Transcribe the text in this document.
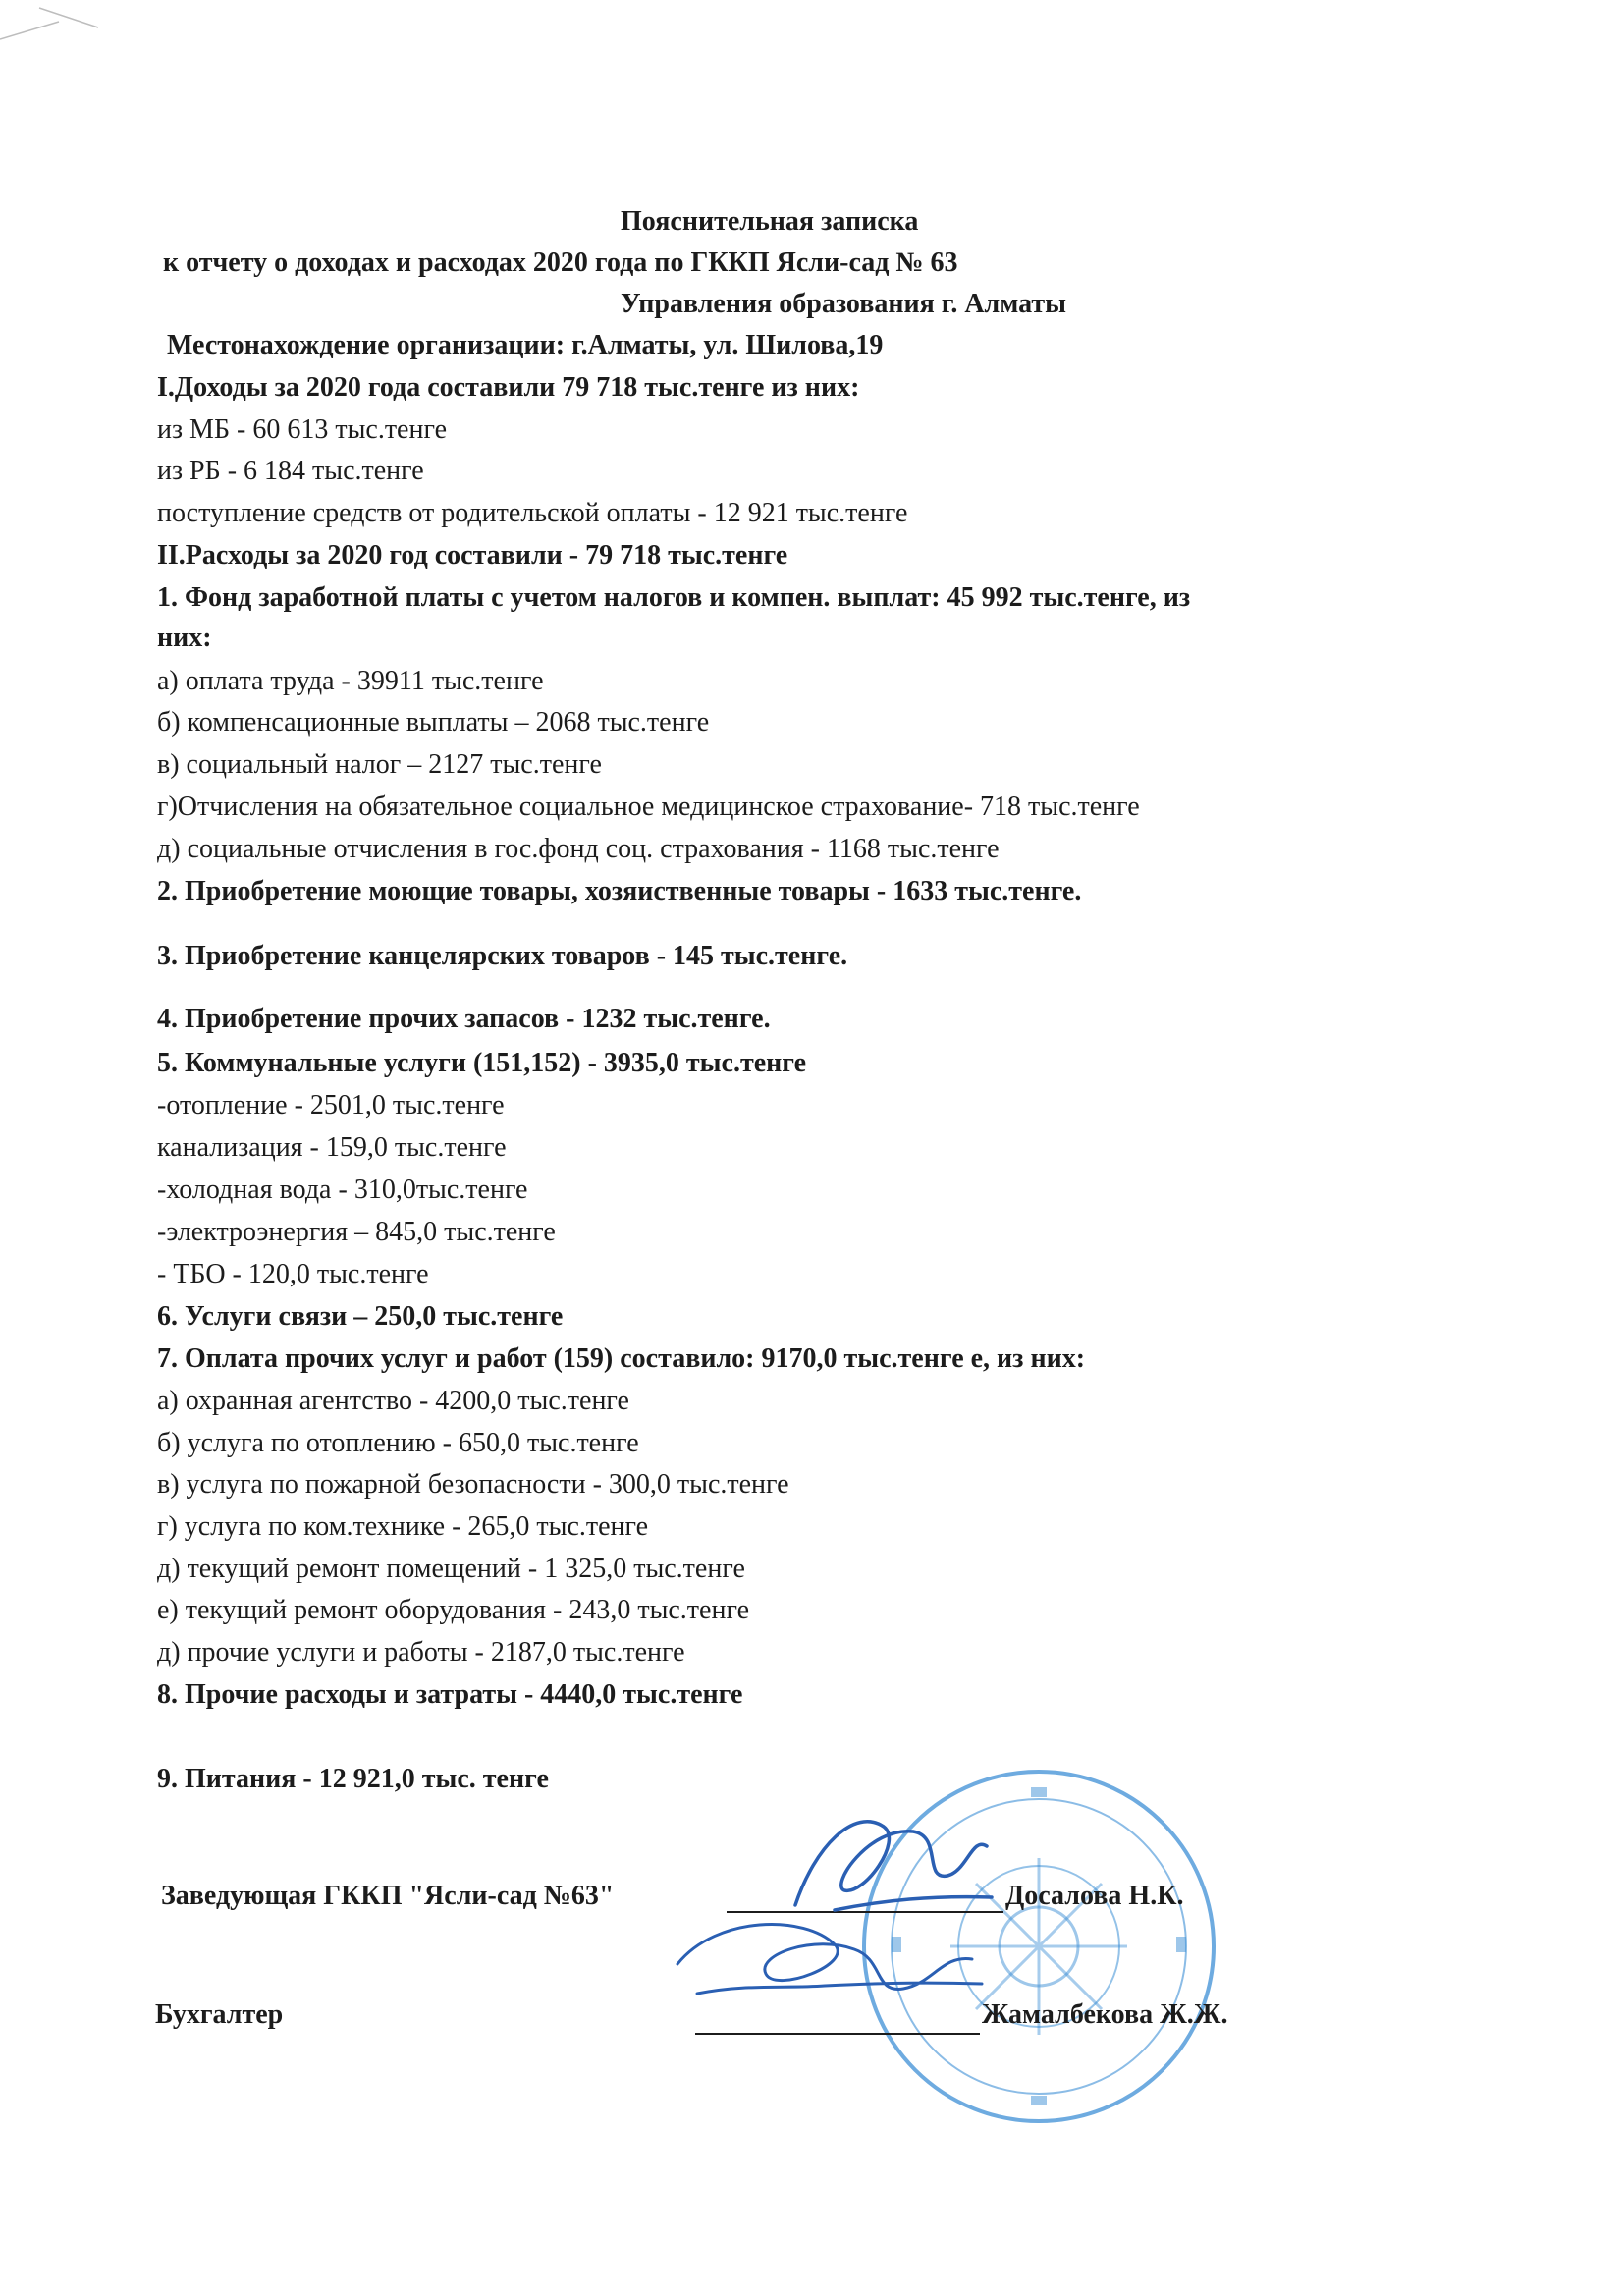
Пояснительная записка
к отчету о доходах и расходах 2020 года по ГККП Ясли-сад № 63
Управления образования г. Алматы
Местонахождение организации: г.Алматы, ул. Шилова,19
I.Доходы за 2020 года составили 79 718 тыс.тенге из них:
из МБ - 60 613 тыс.тенге
из РБ - 6 184 тыс.тенге
поступление средств от родительской оплаты - 12 921 тыс.тенге
II.Расходы за 2020 год составили - 79 718 тыс.тенге
1. Фонд заработной платы с учетом налогов и компен. выплат: 45 992 тыс.тенге, из
них:
а) оплата труда - 39911 тыс.тенге
б) компенсационные выплаты – 2068 тыс.тенге
в) социальный налог – 2127 тыс.тенге
г)Отчисления на обязательное социальное медицинское страхование- 718 тыс.тенге
д) социальные отчисления в гос.фонд соц. страхования - 1168 тыс.тенге
2. Приобретение моющие товары, хозяиственные товары - 1633 тыс.тенге.
3. Приобретение канцелярских товаров - 145 тыс.тенге.
4. Приобретение прочих запасов - 1232 тыс.тенге.
5. Коммунальные услуги (151,152) - 3935,0 тыс.тенге
-отопление - 2501,0 тыс.тенге
канализация - 159,0 тыс.тенге
-холодная вода - 310,0тыс.тенге
-электроэнергия – 845,0 тыс.тенге
- ТБО - 120,0 тыс.тенге
6. Услуги связи – 250,0 тыс.тенге
7. Оплата прочих услуг и работ (159) составило: 9170,0 тыс.тенге е, из них:
а) охранная агентство - 4200,0 тыс.тенге
б) услуга по отоплению - 650,0 тыс.тенге
в) услуга по пожарной безопасности - 300,0 тыс.тенге
г) услуга по ком.технике - 265,0 тыс.тенге
д) текущий ремонт помещений - 1 325,0 тыс.тенге
е) текущий ремонт оборудования - 243,0 тыс.тенге
д) прочие услуги и работы - 2187,0 тыс.тенге
8. Прочие расходы и затраты - 4440,0 тыс.тенге
9. Питания - 12 921,0 тыс. тенге
Заведующая ГККП "Ясли-сад №63"	Досалова Н.К.
Бухгалтер	Жамалбекова Ж.Ж.
